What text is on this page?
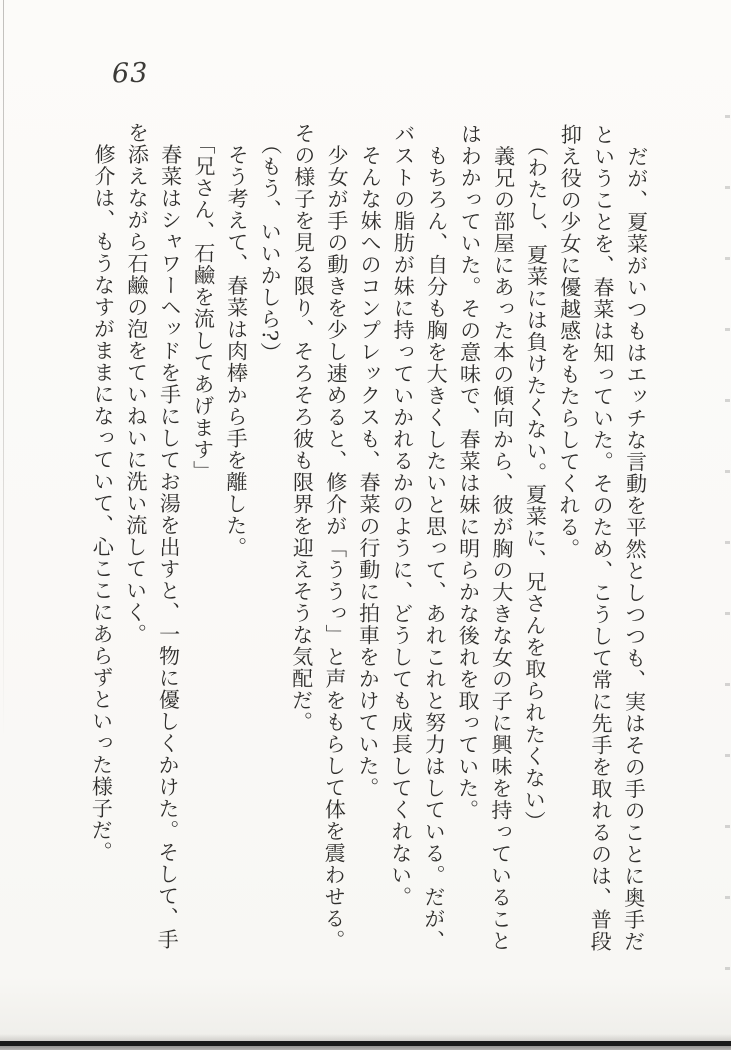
63
　だが、夏菜がいつもはエッチな言動を平然としつつも、実はその手のことに奥手だ
ということを、春菜は知っていた。そのため、こうして常に先手を取れるのは、普段
抑え役の少女に優越感をもたらしてくれる。
　（わたし、夏菜には負けたくない。夏菜に、兄さんを取られたくない）
　義兄の部屋にあった本の傾向から、彼が胸の大きな女の子に興味を持っていること
はわかっていた。その意味で、春菜は妹に明らかな後れを取っていた。
　もちろん、自分も胸を大きくしたいと思って、あれこれと努力はしている。だが、
バストの脂肪が妹に持っていかれるかのように、どうしても成長してくれない。
　そんな妹へのコンプレックスも、春菜の行動に拍車をかけていた。
　少女が手の動きを少し速めると、修介が「ううっ」と声をもらして体を震わせる。
その様子を見る限り、そろそろ彼も限界を迎えそうな気配だ。
　（もう、いいかしら?）
　そう考えて、春菜は肉棒から手を離した。
　「兄さん、石鹼を流してあげます」
　春菜はシャワーヘッドを手にしてお湯を出すと、一物に優しくかけた。そして、手
を添えながら石鹼の泡をていねいに洗い流していく。
　修介は、もうなすがままになっていて、心ここにあらずといった様子だ。
